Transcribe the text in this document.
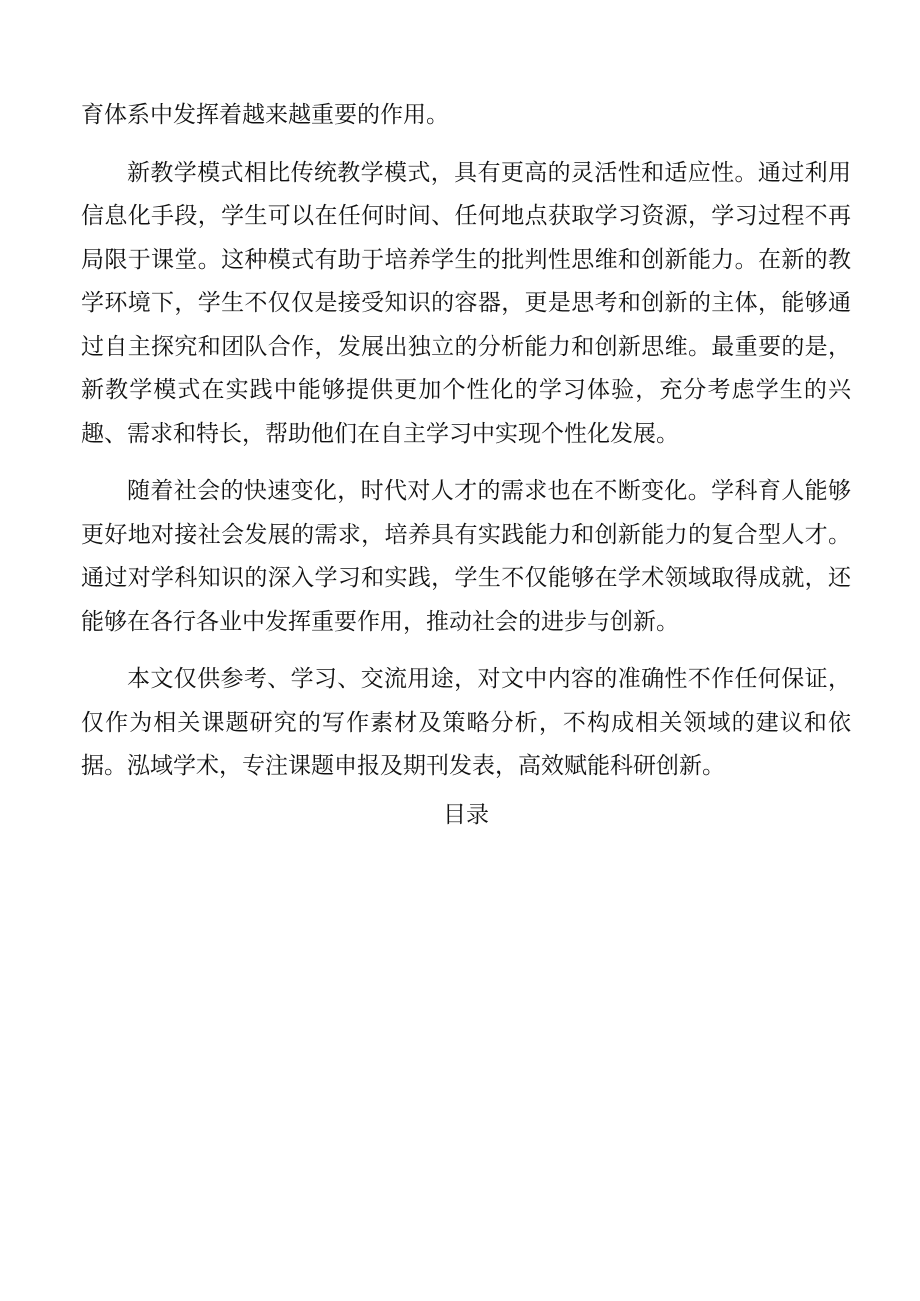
育体系中发挥着越来越重要的作用。

新教学模式相比传统教学模式，具有更高的灵活性和适应性。通过利用信息化手段，学生可以在任何时间、任何地点获取学习资源，学习过程不再局限于课堂。这种模式有助于培养学生的批判性思维和创新能力。在新的教学环境下，学生不仅仅是接受知识的容器，更是思考和创新的主体，能够通过自主探究和团队合作，发展出独立的分析能力和创新思维。最重要的是，新教学模式在实践中能够提供更加个性化的学习体验，充分考虑学生的兴趣、需求和特长，帮助他们在自主学习中实现个性化发展。

随着社会的快速变化，时代对人才的需求也在不断变化。学科育人能够更好地对接社会发展的需求，培养具有实践能力和创新能力的复合型人才。通过对学科知识的深入学习和实践，学生不仅能够在学术领域取得成就，还能够在各行各业中发挥重要作用，推动社会的进步与创新。

本文仅供参考、学习、交流用途，对文中内容的准确性不作任何保证，仅作为相关课题研究的写作素材及策略分析，不构成相关领域的建议和依据。泓域学术，专注课题申报及期刊发表，高效赋能科研创新。

目录
